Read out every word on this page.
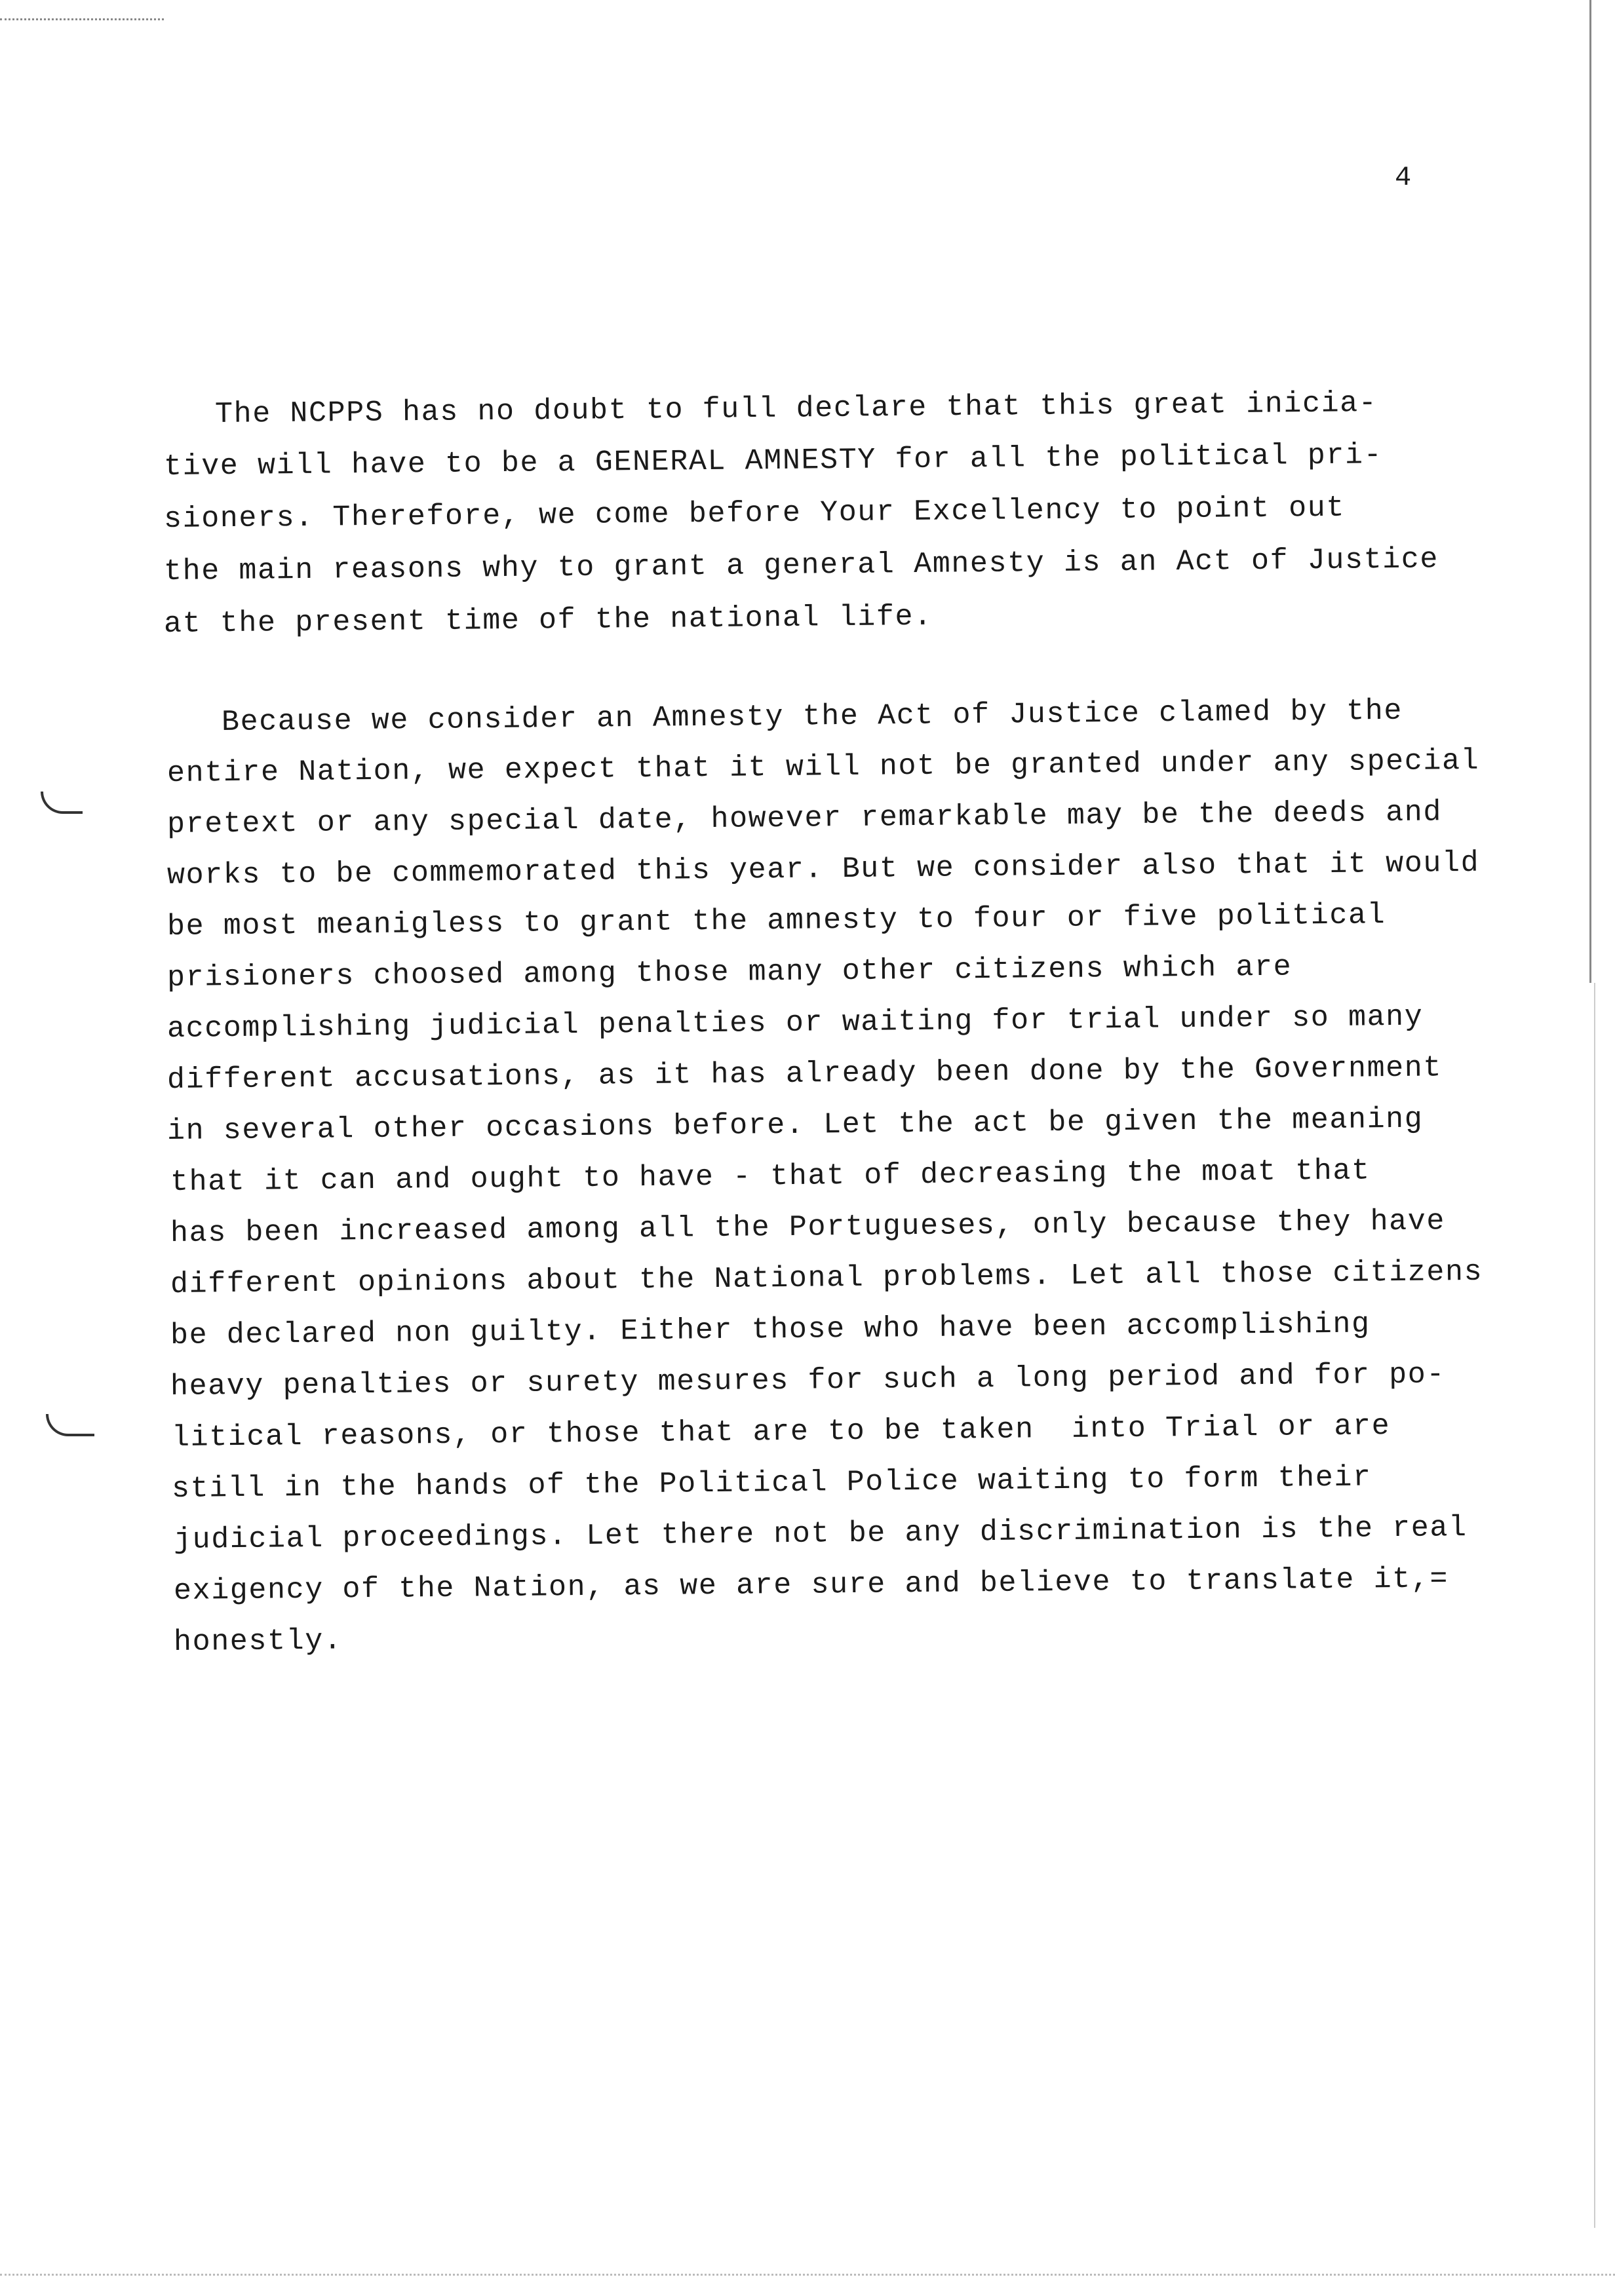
4
The NCPPS has no doubt to full declare that this great inicia-
tive will have to be a GENERAL AMNESTY for all the political pri-
sioners. Therefore, we come before Your Excellency to point out
the main reasons why to grant a general Amnesty is an Act of Justice
at the present time of the national life.
Because we consider an Amnesty the Act of Justice clamed by the
entire Nation, we expect that it will not be granted under any special
pretext or any special date, however remarkable may be the deeds and
works to be commemorated this year. But we consider also that it would
be most meanigless to grant the amnesty to four or five political
prisioners choosed among those many other citizens which are
accomplishing judicial penalties or waiting for trial under so many
different accusations, as it has already been done by the Government
in several other occasions before. Let the act be given the meaning
that it can and ought to have - that of decreasing the moat that
has been increased among all the Portugueses, only because they have
different opinions about the National problems. Let all those citizens
be declared non guilty. Either those who have been accomplishing
heavy penalties or surety mesures for such a long period and for po-
litical reasons, or those that are to be taken  into Trial or are
still in the hands of the Political Police waiting to form their
judicial proceedings. Let there not be any discrimination is the real
exigency of the Nation, as we are sure and believe to translate it,=
honestly.
